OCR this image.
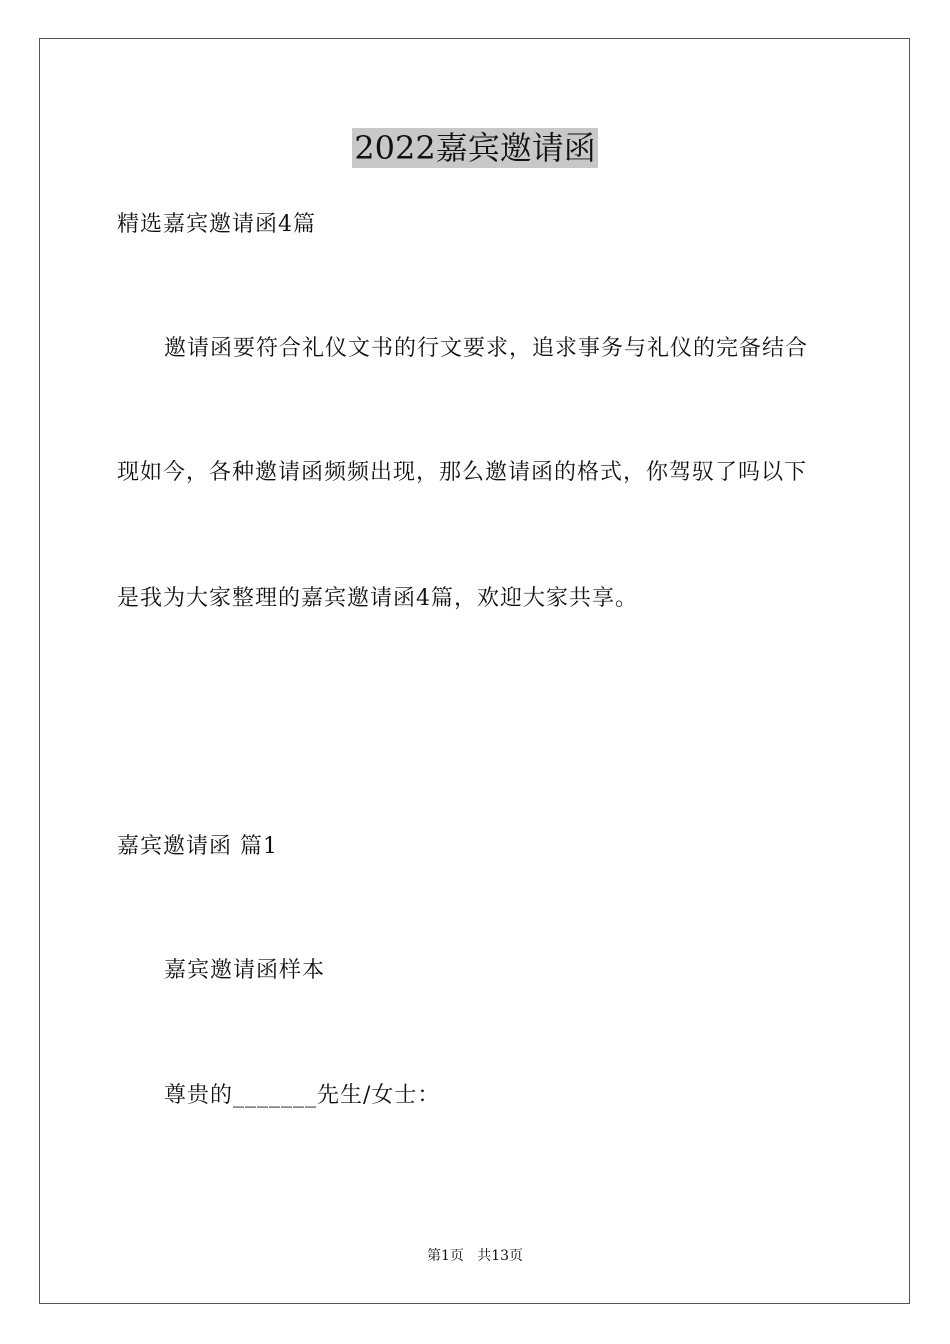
2022嘉宾邀请函
精选嘉宾邀请函4篇
邀请函要符合礼仪文书的行文要求，追求事务与礼仪的完备结合
现如今，各种邀请函频频出现，那么邀请函的格式，你驾驭了吗以下
是我为大家整理的嘉宾邀请函4篇，欢迎大家共享。
嘉宾邀请函 篇1
嘉宾邀请函样本
尊贵的_______先生/女士：
第1页   共13页
